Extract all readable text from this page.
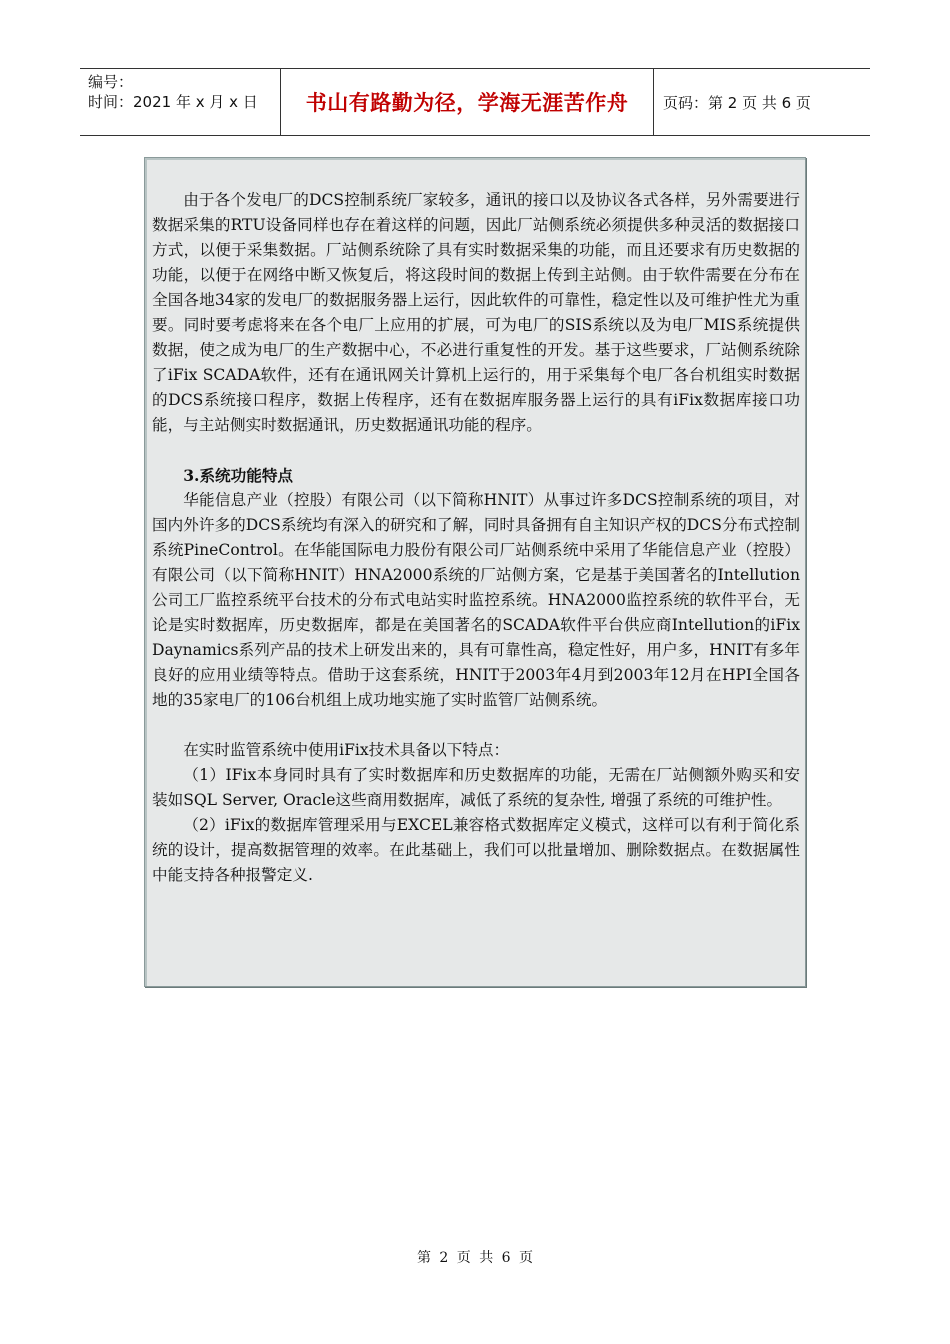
编号：
时间：2021 年 x 月 x 日	书山有路勤为径，学海无涯苦作舟 页码：第 2 页 共 6 页

由于各个发电厂的DCS控制系统厂家较多，通讯的接口以及协议各式各样，另外需要进行数据采集的RTU设备同样也存在着这样的问题，因此厂站侧系统必须提供多种灵活的数据接口方式，以便于采集数据。厂站侧系统除了具有实时数据采集的功能，而且还要求有历史数据的功能，以便于在网络中断又恢复后，将这段时间的数据上传到主站侧。由于软件需要在分布在全国各地34家的发电厂的数据服务器上运行，因此软件的可靠性，稳定性以及可维护性尤为重要。同时要考虑将来在各个电厂上应用的扩展，可为电厂的SIS系统以及为电厂MIS系统提供数据，使之成为电厂的生产数据中心，不必进行重复性的开发。基于这些要求，厂站侧系统除了iFix SCADA软件，还有在通讯网关计算机上运行的，用于采集每个电厂各台机组实时数据的DCS系统接口程序，数据上传程序，还有在数据库服务器上运行的具有iFix数据库接口功能，与主站侧实时数据通讯，历史数据通讯功能的程序。

3.系统功能特点

华能信息产业（控股）有限公司（以下简称HNIT）从事过许多DCS控制系统的项目，对国内外许多的DCS系统均有深入的研究和了解，同时具备拥有自主知识产权的DCS分布式控制系统PineControl。在华能国际电力股份有限公司厂站侧系统中采用了华能信息产业（控股）有限公司（以下简称HNIT）HNA2000系统的厂站侧方案，它是基于美国著名的Intellution公司工厂监控系统平台技术的分布式电站实时监控系统。HNA2000监控系统的软件平台，无论是实时数据库，历史数据库，都是在美国著名的SCADA软件平台供应商Intellution的iFix Daynamics系列产品的技术上研发出来的，具有可靠性高，稳定性好，用户多，HNIT有多年良好的应用业绩等特点。借助于这套系统，HNIT于2003年4月到2003年12月在HPI全国各地的35家电厂的106台机组上成功地实施了实时监管厂站侧系统。

在实时监管系统中使用iFix技术具备以下特点：

（1）IFix本身同时具有了实时数据库和历史数据库的功能，无需在厂站侧额外购买和安装如SQL Server, Oracle这些商用数据库，减低了系统的复杂性, 增强了系统的可维护性。

（2）iFix的数据库管理采用与EXCEL兼容格式数据库定义模式，这样可以有利于简化系统的设计，提高数据管理的效率。在此基础上，我们可以批量增加、删除数据点。在数据属性中能支持各种报警定义.

第 2 页 共 6 页
